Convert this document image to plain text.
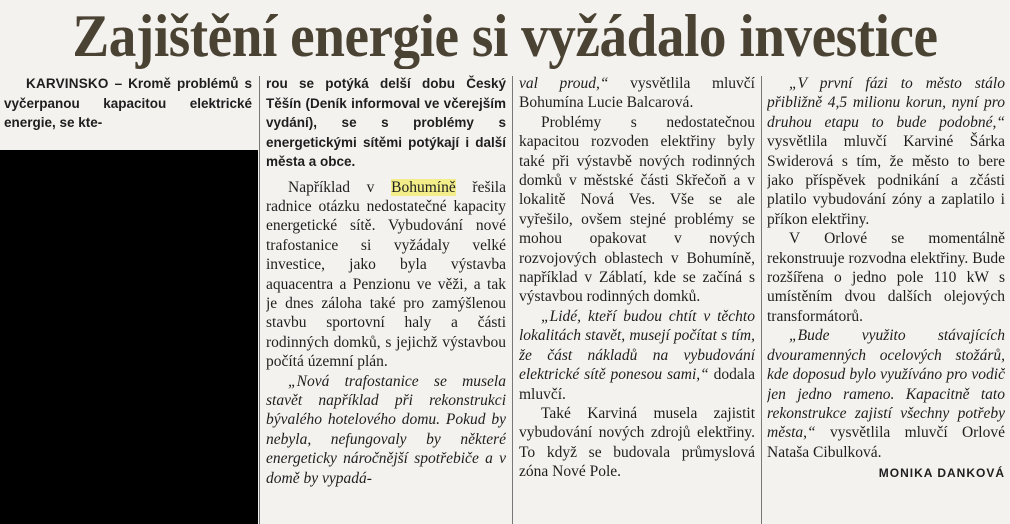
Zajištění energie si vyžádalo investice
KARVINSKO – Kromě problémů s vyčerpanou kapacitou elektrické energie, se kte-
rou se potýká delší dobu Český Těšín (Deník informoval ve včerejším vydání), se s problémy s energetickými sítěmi potýkají i další města a obce.

Například v Bohumíně řešila radnice otázku nedostatečné kapacity energetické sítě. Vybudování nové trafostanice si vyžádaly velké investice, jako byla výstavba aquacentra a Penzionu ve věži, a tak je dnes záloha také pro zamýšlenou stavbu sportovní haly a části rodinných domků, s jejichž výstavbou počítá územní plán.

„Nová trafostanice se musela stavět například při rekonstrukci bývalého hotelového domu. Pokud by nebyla, nefungovaly by některé energeticky náročnější spotřebiče a v domě by vypadá-

val proud,“ vysvětlila mluvčí Bohumína Lucie Balcarová.

Problémy s nedostatečnou kapacitou rozvoden elektřiny byly také při výstavbě nových rodinných domků v městské části Skřečoň a v lokalitě Nová Ves. Vše se ale vyřešilo, ovšem stejné problémy se mohou opakovat v nových rozvojových oblastech v Bohumíně, například v Záblatí, kde se začíná s výstavbou rodinných domků.

„Lidé, kteří budou chtít v těchto lokalitách stavět, musejí počítat s tím, že část nákladů na vybudování elektrické sítě ponesou sami,“ dodala mluvčí.

Také Karviná musela zajistit vybudování nových zdrojů elektřiny. To když se budovala průmyslová zóna Nové Pole.

„V první fázi to město stálo přibližně 4,5 milionu korun, nyní pro druhou etapu to bude podobné,“ vysvětlila mluvčí Karviné Šárka Swiderová s tím, že město to bere jako příspěvek podnikání a zčásti platilo vybudování zóny a zaplatilo i příkon elektřiny.

V Orlové se momentálně rekonstruuje rozvodna elektřiny. Bude rozšířena o jedno pole 110 kW s umístěním dvou dalších olejových transformátorů.

„Bude využito stávajících dvouramenných ocelových stožárů, kde doposud bylo využíváno pro vodič jen jedno rameno. Kapacitně tato rekonstrukce zajistí všechny potřeby města,“ vysvětlila mluvčí Orlové Nataša Cibulková.
MONIKA DANKOVÁ
